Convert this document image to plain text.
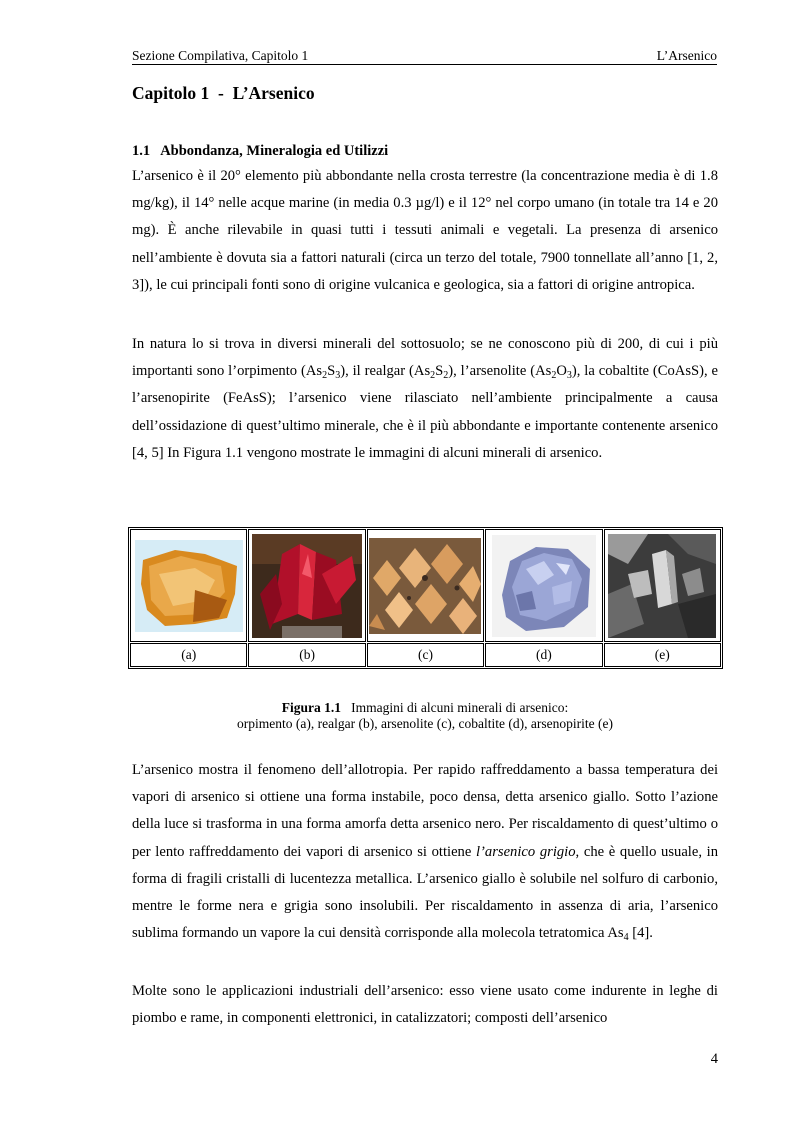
Sezione Compilativa, Capitolo 1	L’Arsenico
Capitolo 1  -  L’Arsenico
1.1   Abbondanza, Mineralogia ed Utilizzi

L’arsenico è il 20° elemento più abbondante nella crosta terrestre (la concentrazione media è di 1.8 mg/kg), il 14° nelle acque marine (in media 0.3 µg/l) e il 12° nel corpo umano (in totale tra 14 e 20 mg). È anche rilevabile in quasi tutti i tessuti animali e vegetali. La presenza di arsenico nell’ambiente è dovuta sia a fattori naturali (circa un terzo del totale, 7900 tonnellate all’anno [1, 2, 3]), le cui principali fonti sono di origine vulcanica e geologica, sia a fattori di origine antropica.

In natura lo si trova in diversi minerali del sottosuolo; se ne conoscono più di 200, di cui i più importanti sono l’orpimento $(As_2S_3)$, il realgar $(As_2S_2)$, l’arsenolite $(As_2O_3)$, la cobaltite (CoAsS), e l’arsenopirite (FeAsS); l’arsenico viene rilasciato nell’ambiente principalmente a causa dell’ossidazione di quest’ultimo minerale, che è il più abbondante e importante contenente arsenico [4, 5] In Figura 1.1 vengono mostrate le immagini di alcuni minerali di arsenico.

(a)	(b)	(c)	(d)	(e)
Figura 1.1 Immagini di alcuni minerali di arsenico:
orpimento (a), realgar (b), arsenolite (c), cobaltite (d), arsenopirite (e)

L’arsenico mostra il fenomeno dell’allotropia. Per rapido raffreddamento a bassa temperatura dei vapori di arsenico si ottiene una forma instabile, poco densa, detta arsenico giallo. Sotto l’azione della luce si trasforma in una forma amorfa detta arsenico nero. Per riscaldamento di quest’ultimo o per lento raffreddamento dei vapori di arsenico si ottiene l’arsenico grigio, che è quello usuale, in forma di fragili cristalli di lucentezza metallica. L’arsenico giallo è solubile nel solfuro di carbonio, mentre le forme nera e grigia sono insolubili. Per riscaldamento in assenza di aria, l’arsenico sublima formando un vapore la cui densità corrisponde alla molecola tetratomica $As_4$ [4].

Molte sono le applicazioni industriali dell’arsenico: esso viene usato come indurente in leghe di piombo e rame, in componenti elettronici, in catalizzatori; composti dell’arsenico

4
